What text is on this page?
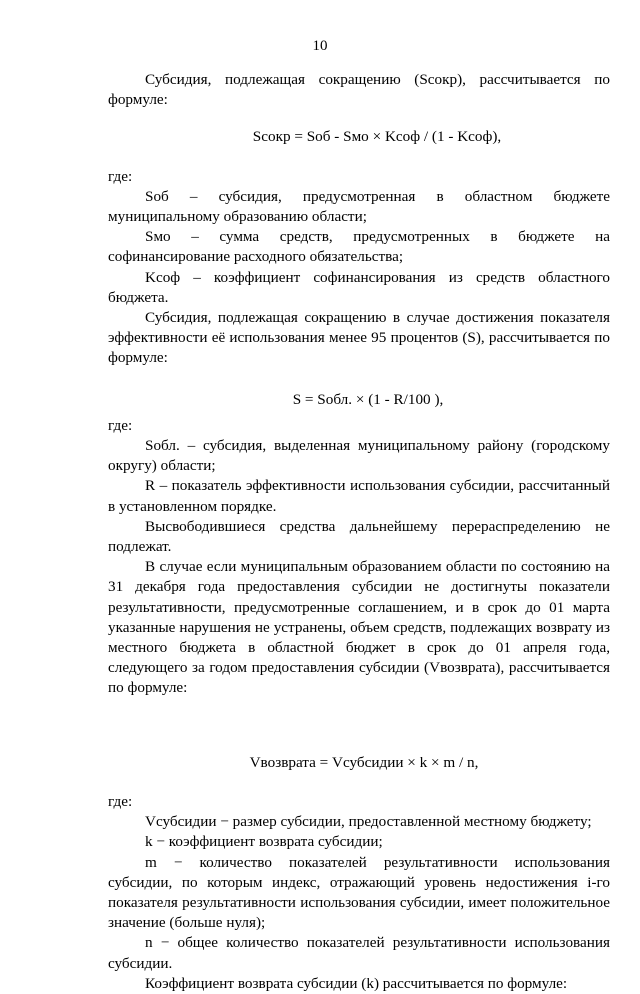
10

Субсидия, подлежащая сокращению (Sсокр), рассчитывается по формуле:

Sсокр = Sоб - Sмо × Kсоф / (1 - Kсоф),

где:

Sоб – субсидия, предусмотренная в областном бюджете муниципальному образованию области;

Sмо – сумма средств, предусмотренных в бюджете на софинансирование расходного обязательства;

Kсоф – коэффициент софинансирования из средств областного бюджета.

Субсидия, подлежащая сокращению в случае достижения показателя эффективности её использования менее 95 процентов (S), рассчитывается по формуле:

S = Sобл. × (1 - R/100 ),

где:

Sобл. – субсидия, выделенная муниципальному району (городскому округу) области;

R – показатель эффективности использования субсидии, рассчитанный в установленном порядке.

Высвободившиеся средства дальнейшему перераспределению не подлежат.

В случае если муниципальным образованием области по состоянию на 31 декабря года предоставления субсидии не достигнуты показатели результативности, предусмотренные соглашением, и в срок до 01 марта указанные нарушения не устранены, объем средств, подлежащих возврату из местного бюджета в областной бюджет в срок до 01 апреля года, следующего за годом предоставления субсидии (Vвозврата), рассчитывается по формуле:

Vвозврата = Vсубсидии × k × m / n,

где:

Vсубсидии − размер субсидии, предоставленной местному бюджету;

k − коэффициент возврата субсидии;

m − количество показателей результативности использования субсидии, по которым индекс, отражающий уровень недостижения i-го показателя результативности использования субсидии, имеет положительное значение (больше нуля);

n − общее количество показателей результативности использования субсидии.

Коэффициент возврата субсидии (k) рассчитывается по формуле:
